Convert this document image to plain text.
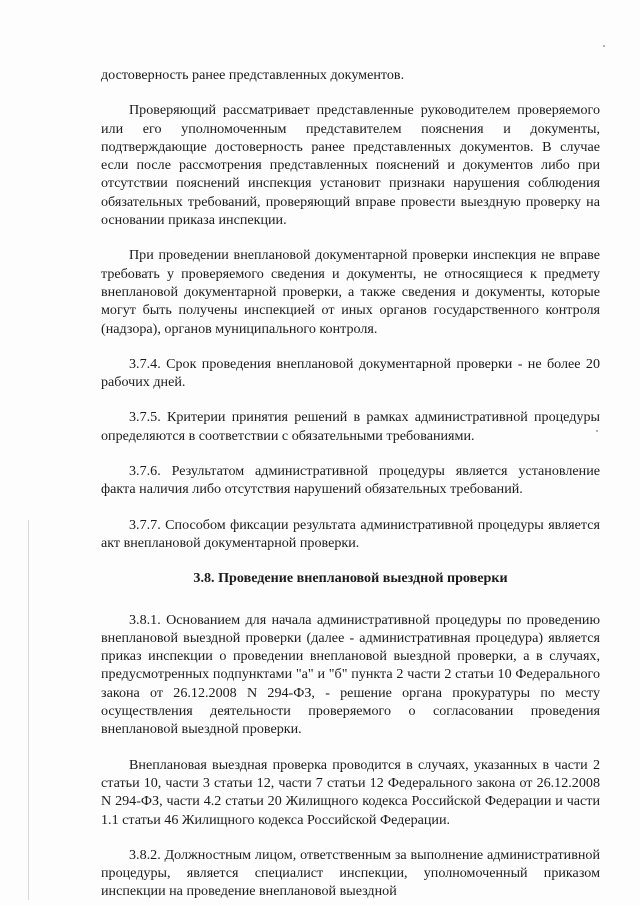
достоверность ранее представленных документов.

Проверяющий рассматривает представленные руководителем проверяемого или его уполномоченным представителем пояснения и документы, подтверждающие достоверность ранее представленных документов. В случае если после рассмотрения представленных пояснений и документов либо при отсутствии пояснений инспекция установит признаки нарушения соблюдения обязательных требований, проверяющий вправе провести выездную проверку на основании приказа инспекции.

При проведении внеплановой документарной проверки инспекция не вправе требовать у проверяемого сведения и документы, не относящиеся к предмету внеплановой документарной проверки, а также сведения и документы, которые могут быть получены инспекцией от иных органов государственного контроля (надзора), органов муниципального контроля.

3.7.4. Срок проведения внеплановой документарной проверки - не более 20 рабочих дней.

3.7.5. Критерии принятия решений в рамках административной процедуры определяются в соответствии с обязательными требованиями.

3.7.6. Результатом административной процедуры является установление факта наличия либо отсутствия нарушений обязательных требований.

3.7.7. Способом фиксации результата административной процедуры является акт внеплановой документарной проверки.

3.8. Проведение внеплановой выездной проверки

3.8.1. Основанием для начала административной процедуры по проведению внеплановой выездной проверки (далее - административная процедура) является приказ инспекции о проведении внеплановой выездной проверки, а в случаях, предусмотренных подпунктами "а" и "б" пункта 2 части 2 статьи 10 Федерального закона от 26.12.2008 N 294-ФЗ, - решение органа прокуратуры по месту осуществления деятельности проверяемого о согласовании проведения внеплановой выездной проверки.

Внеплановая выездная проверка проводится в случаях, указанных в части 2 статьи 10, части 3 статьи 12, части 7 статьи 12 Федерального закона от 26.12.2008 N 294-ФЗ, части 4.2 статьи 20 Жилищного кодекса Российской Федерации и части 1.1 статьи 46 Жилищного кодекса Российской Федерации.

3.8.2. Должностным лицом, ответственным за выполнение административной процедуры, является специалист инспекции, уполномоченный приказом инспекции на проведение внеплановой выездной
